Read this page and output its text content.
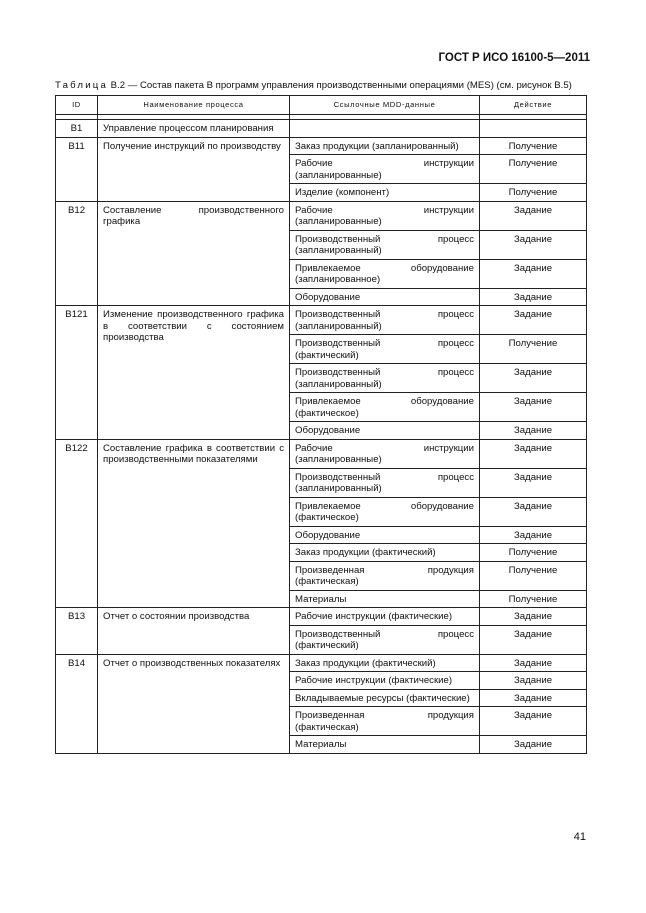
ГОСТ Р ИСО 16100-5—2011
Таблица В.2 — Состав пакета В программ управления производственными операциями (MES) (см. рисунок В.5)
ID	Наименование процесса	Ссылочные MDD-данные	Действие

B1	Управление процессом планирования		
B11	Получение инструкций по производству	Заказ продукции (запланированный)	Получение
		Рабочие инструкции (запланированные)	Получение
		Изделие (компонент)	Получение
B12	Составление производственного графика	Рабочие инструкции (запланированные)	Задание
		Производственный процесс (запланированный)	Задание
		Привлекаемое оборудование (запланированное)	Задание
		Оборудование	Задание
B121	Изменение производственного графика в соответствии с состоянием производства	Производственный процесс (запланированный)	Задание
		Производственный процесс (фактический)	Получение
		Производственный процесс (запланированный)	Задание
		Привлекаемое оборудование (фактическое)	Задание
		Оборудование	Задание
B122	Составление графика в соответствии с производственными показателями	Рабочие инструкции (запланированные)	Задание
		Производственный процесс (запланированный)	Задание
		Привлекаемое оборудование (фактическое)	Задание
		Оборудование	Задание
		Заказ продукции (фактический)	Получение
		Произведенная продукция (фактическая)	Получение
		Материалы	Получение
B13	Отчет о состоянии производства	Рабочие инструкции (фактические)	Задание
		Производственный процесс (фактический)	Задание
B14	Отчет о производственных показателях	Заказ продукции (фактический)	Задание
		Рабочие инструкции (фактические)	Задание
		Вкладываемые ресурсы (фактические)	Задание
		Произведенная продукция (фактическая)	Задание
		Материалы	Задание
41
